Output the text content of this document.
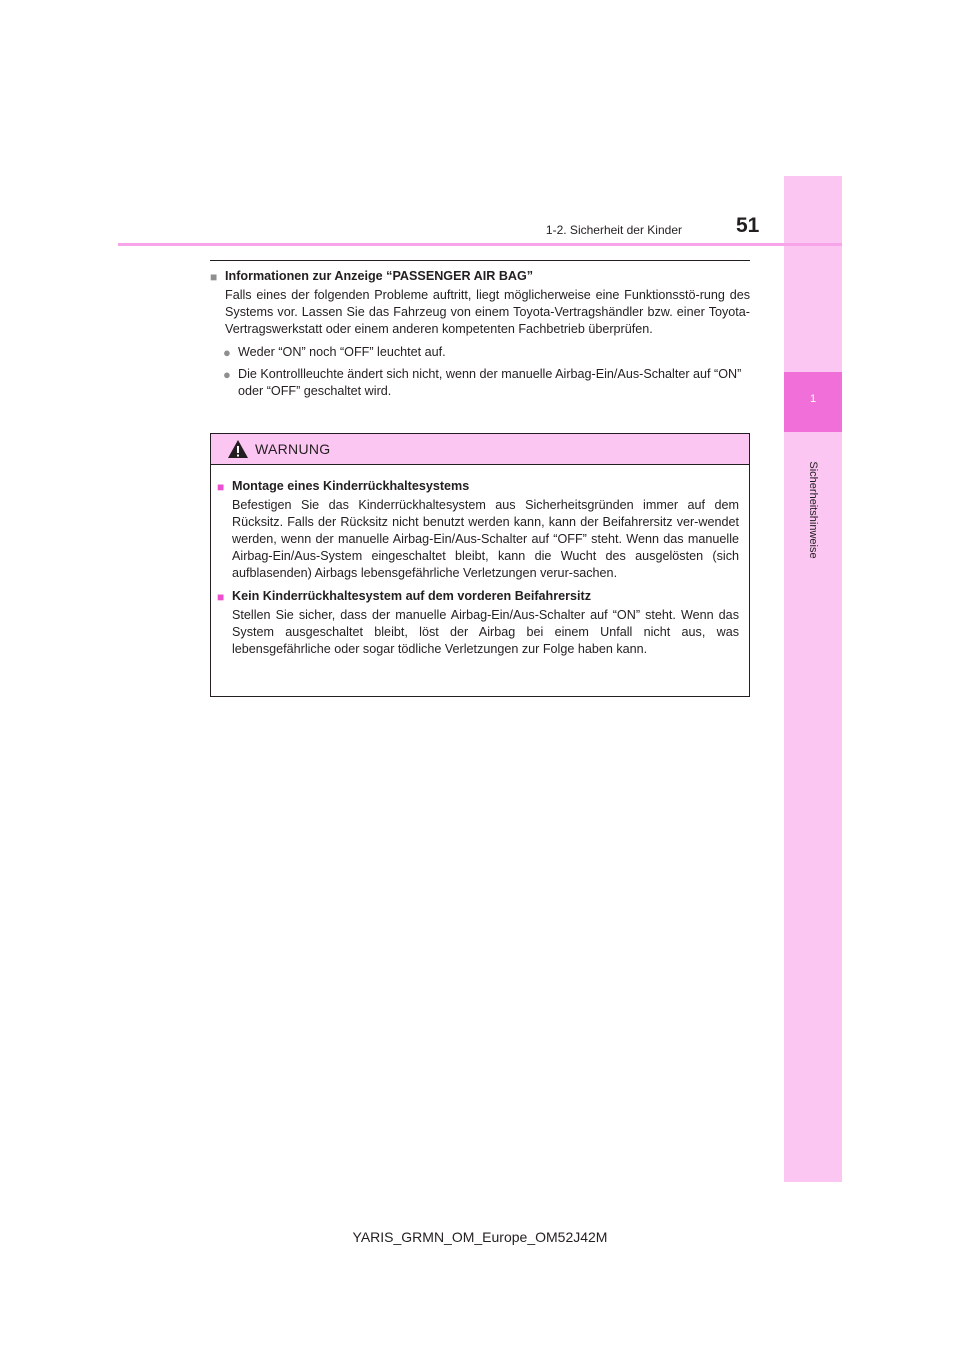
1
Sicherheitshinweise
1-2. Sicherheit der Kinder	51
■ Informationen zur Anzeige “PASSENGER AIR BAG”

Falls eines der folgenden Probleme auftritt, liegt möglicherweise eine Funktionsstö-rung des Systems vor. Lassen Sie das Fahrzeug von einem Toyota-Vertragshändler bzw. einer Toyota-Vertragswerkstatt oder einem anderen kompetenten Fachbetrieb überprüfen.

● Weder “ON” noch “OFF” leuchtet auf.
● Die Kontrollleuchte ändert sich nicht, wenn der manuelle Airbag-Ein/Aus-Schalter auf “ON” oder “OFF” geschaltet wird.
WARNUNG
■ Montage eines Kinderrückhaltesystems

Befestigen Sie das Kinderrückhaltesystem aus Sicherheitsgründen immer auf dem Rücksitz. Falls der Rücksitz nicht benutzt werden kann, kann der Beifahrersitz ver-wendet werden, wenn der manuelle Airbag-Ein/Aus-Schalter auf “OFF” steht. Wenn das manuelle Airbag-Ein/Aus-System eingeschaltet bleibt, kann die Wucht des ausgelösten (sich aufblasenden) Airbags lebensgefährliche Verletzungen verur-sachen.

■ Kein Kinderrückhaltesystem auf dem vorderen Beifahrersitz

Stellen Sie sicher, dass der manuelle Airbag-Ein/Aus-Schalter auf “ON” steht. Wenn das System ausgeschaltet bleibt, löst der Airbag bei einem Unfall nicht aus, was lebensgefährliche oder sogar tödliche Verletzungen zur Folge haben kann.

YARIS_GRMN_OM_Europe_OM52J42M
